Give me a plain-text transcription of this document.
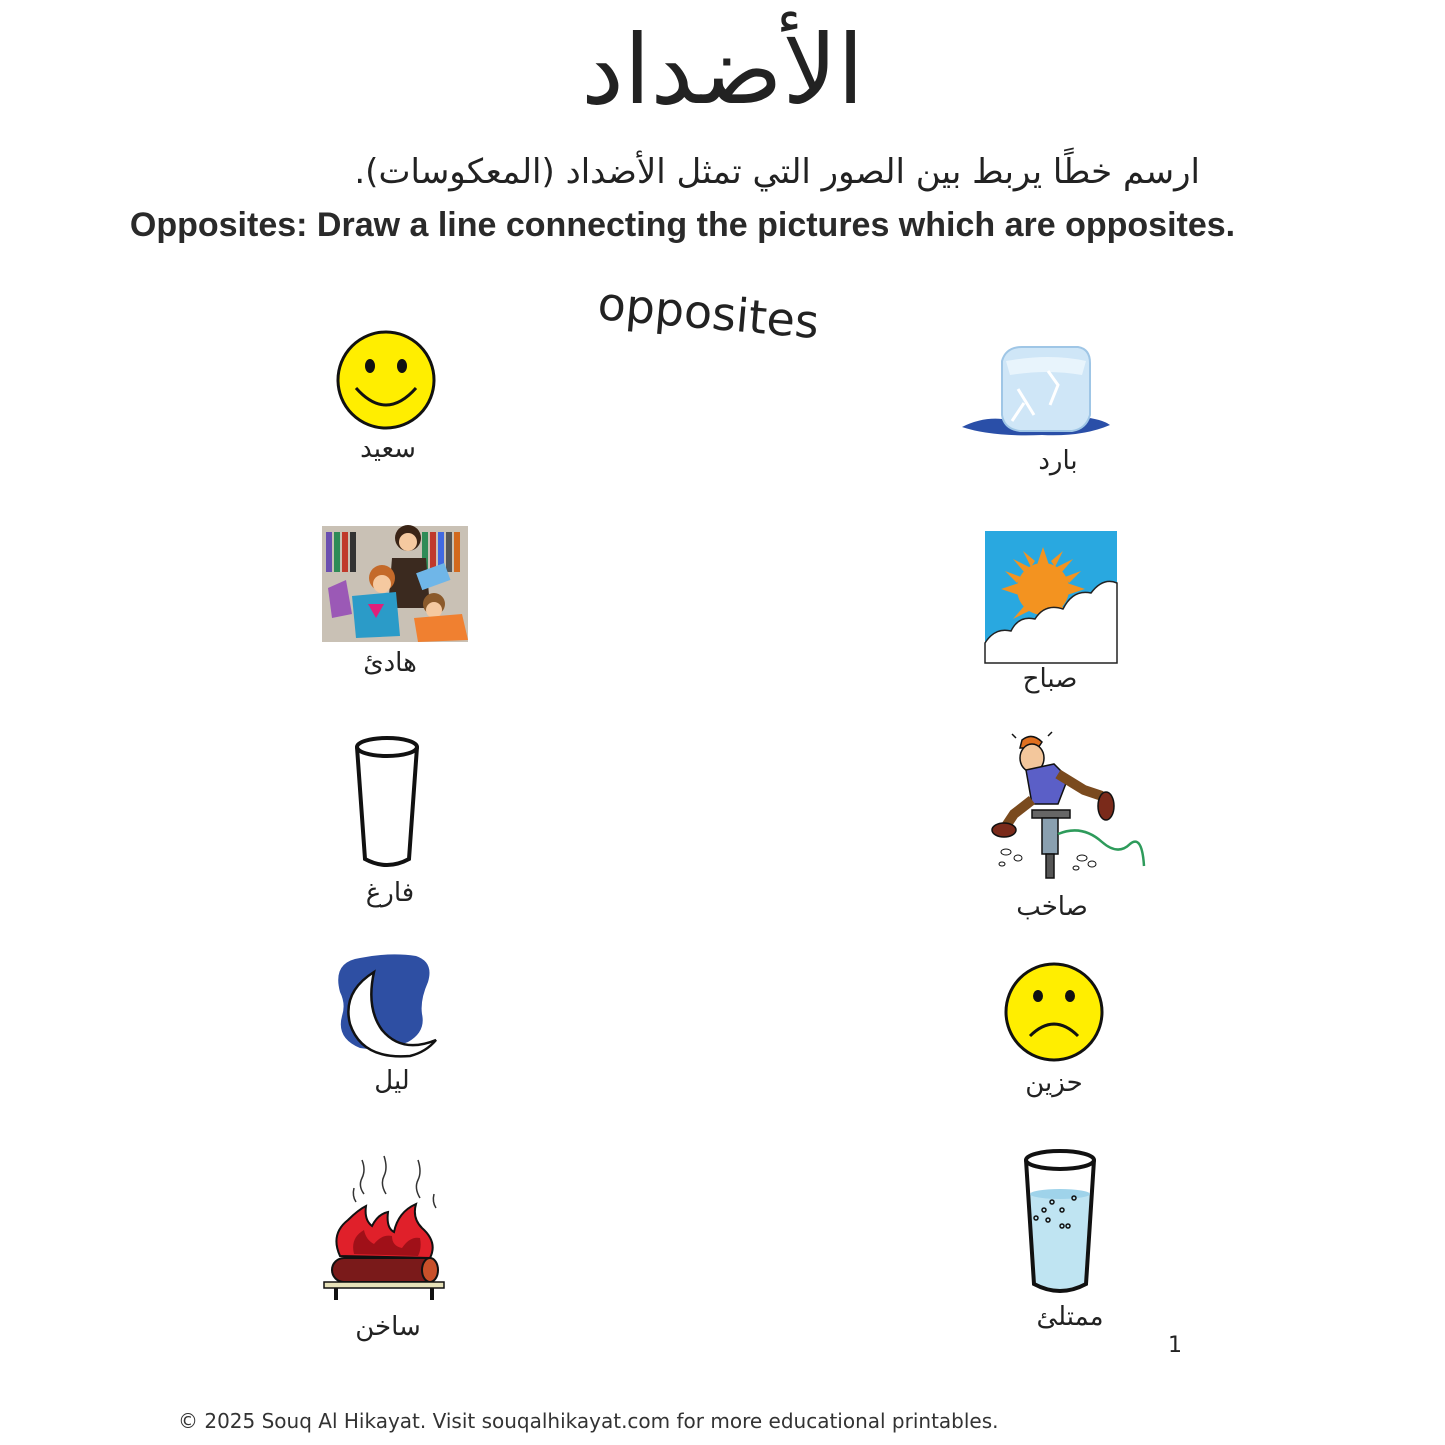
الأضداد
ارسم خطًا يربط بين الصور التي تمثل الأضداد (المعكوسات).
Opposites: Draw a line connecting the pictures which are opposites.
opposites
سعيد
هادئ
فارغ
ليل
ساخن
بارد
صباح
صاخب
حزين
ممتلئ
1
© 2025 Souq Al Hikayat. Visit souqalhikayat.com for more educational printables.
